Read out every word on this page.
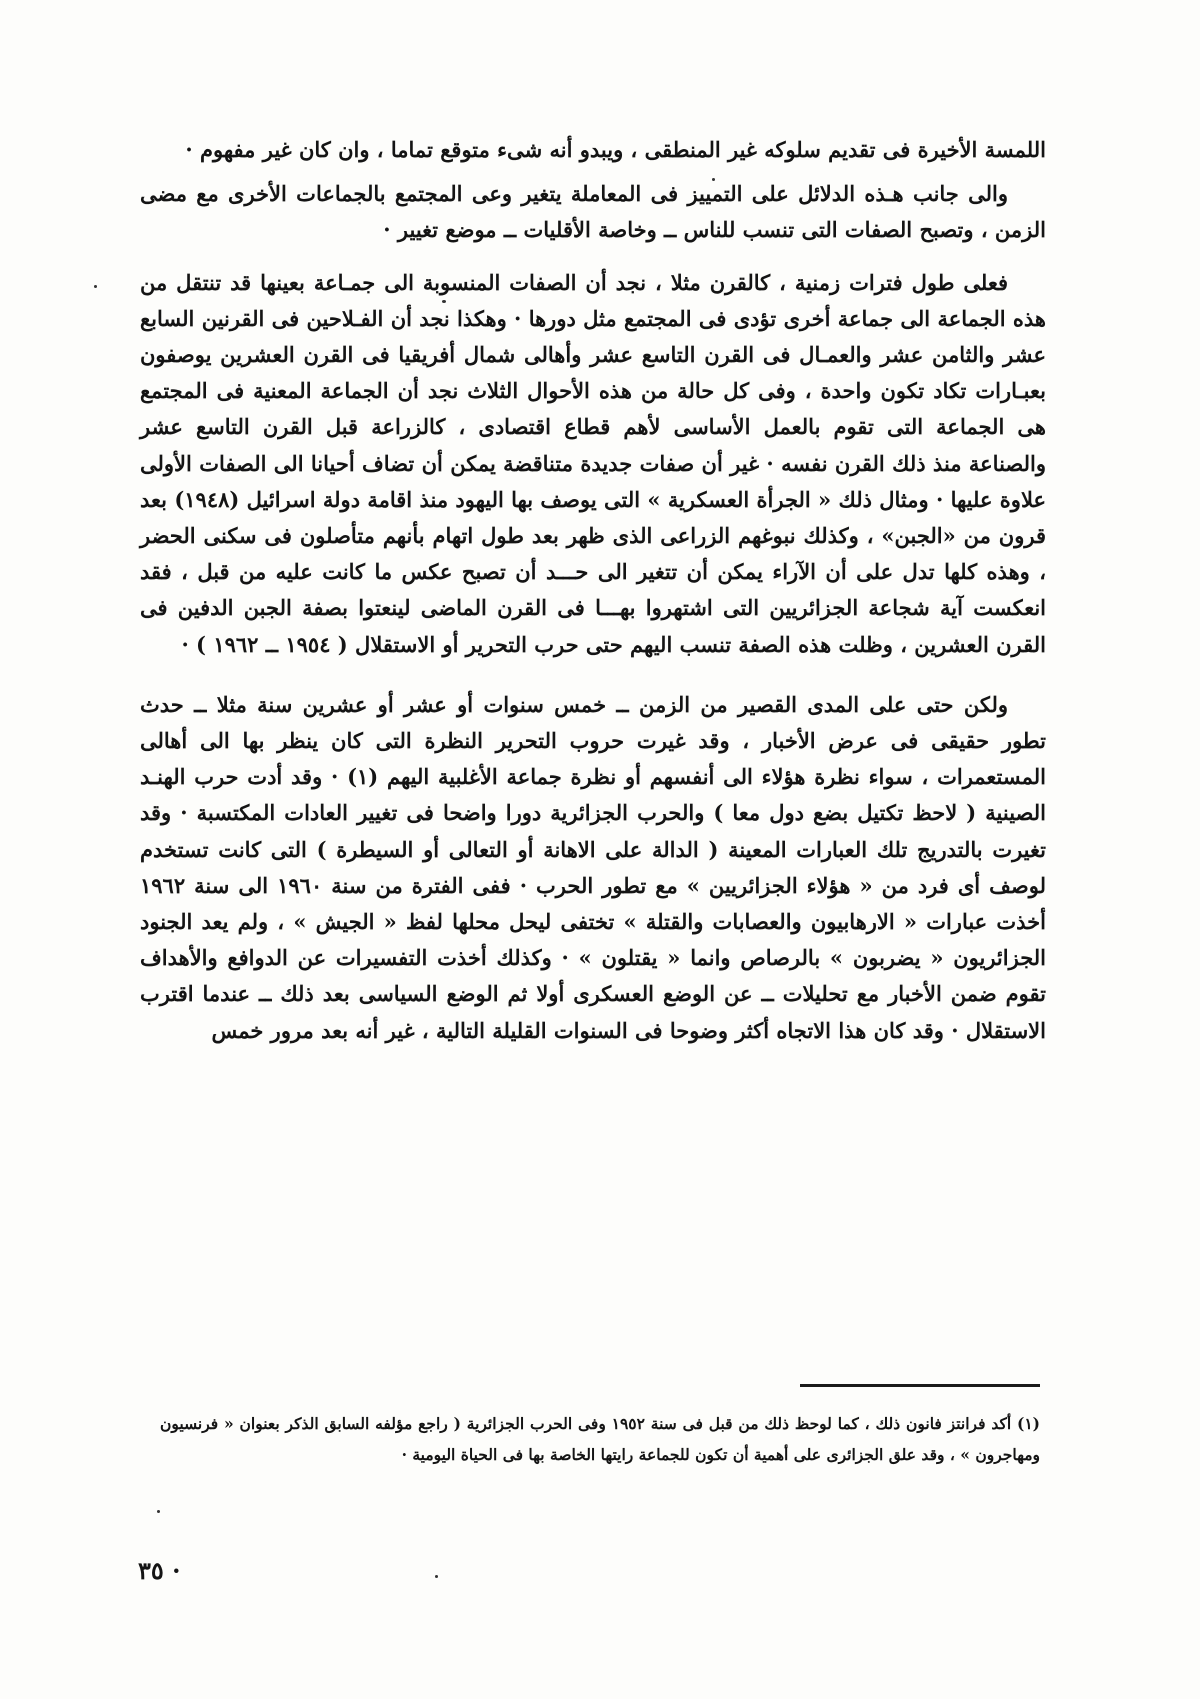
اللمسة الأخيرة فى تقديم سلوكه غير المنطقى ، ويبدو أنه شىء متوقع تماما ، وان كان غير مفهوم ·

والى جانب هـذه الدلائل على التمييز فى المعاملة يتغير وعى المجتمع بالجماعات الأخرى مع مضى الزمن ، وتصبح الصفات التى تنسب للناس ــ وخاصة الأقليات ــ موضع تغيير ·

فعلى طول فترات زمنية ، كالقرن مثلا ، نجد أن الصفات المنسوبة الى جمـاعة بعينها قد تنتقل من هذه الجماعة الى جماعة أخرى تؤدى فى المجتمع مثل دورها · وهكذا نجد أن الفـلاحين فى القرنين السابع عشر والثامن عشر والعمـال فى القرن التاسع عشر وأهالى شمال أفريقيا فى القرن العشرين يوصفون بعبـارات تكاد تكون واحدة ، وفى كل حالة من هذه الأحوال الثلاث نجد أن الجماعة المعنية فى المجتمع هى الجماعة التى تقوم بالعمل الأساسى لأهم قطاع اقتصادى ، كالزراعة قبل القرن التاسع عشر والصناعة منذ ذلك القرن نفسه · غير أن صفات جديدة متناقضة يمكن أن تضاف أحيانا الى الصفات الأولى علاوة عليها · ومثال ذلك « الجرأة العسكرية » التى يوصف بها اليهود منذ اقامة دولة اسرائيل (١٩٤٨) بعد قرون من «الجبن» ، وكذلك نبوغهم الزراعى الذى ظهر بعد طول اتهام بأنهم متأصلون فى سكنى الحضر ، وهذه كلها تدل على أن الآراء يمكن أن تتغير الى حـــد أن تصبح عكس ما كانت عليه من قبل ، فقد انعكست آية شجاعة الجزائريين التى اشتهروا بهـــا فى القرن الماضى لينعتوا بصفة الجبن الدفين فى القرن العشرين ، وظلت هذه الصفة تنسب اليهم حتى حرب التحرير أو الاستقلال ( ١٩٥٤ ــ ١٩٦٢ ) ·

ولكن حتى على المدى القصير من الزمن ــ خمس سنوات أو عشر أو عشرين سنة مثلا ــ حدث تطور حقيقى فى عرض الأخبار ، وقد غيرت حروب التحرير النظرة التى كان ينظر بها الى أهالى المستعمرات ، سواء نظرة هؤلاء الى أنفسهم أو نظرة جماعة الأغلبية اليهم (١) · وقد أدت حرب الهنـد الصينية ( لاحظ تكتيل بضع دول معا ) والحرب الجزائرية دورا واضحا فى تغيير العادات المكتسبة · وقد تغيرت بالتدريج تلك العبارات المعينة ( الدالة على الاهانة أو التعالى أو السيطرة ) التى كانت تستخدم لوصف أى فرد من « هؤلاء الجزائريين » مع تطور الحرب · ففى الفترة من سنة ١٩٦٠ الى سنة ١٩٦٢ أخذت عبارات « الارهابيون والعصابات والقتلة » تختفى ليحل محلها لفظ « الجيش » ، ولم يعد الجنود الجزائريون « يضربون » بالرصاص وانما « يقتلون » · وكذلك أخذت التفسيرات عن الدوافع والأهداف تقوم ضمن الأخبار مع تحليلات ــ عن الوضع العسكرى أولا ثم الوضع السياسى بعد ذلك ــ عندما اقترب الاستقلال · وقد كان هذا الاتجاه أكثر وضوحا فى السنوات القليلة التالية ، غير أنه بعد مرور خمس

(١) أكد فرانتز فانون ذلك ، كما لوحظ ذلك من قبل فى سنة ١٩٥٢ وفى الحرب الجزائرية ( راجع مؤلفه السابق الذكر بعنوان « فرنسيون ومهاجرون » ، وقد علق الجزائرى على أهمية أن تكون للجماعة رايتها الخاصة بها فى الحياة اليومية ·

· ٣٥
